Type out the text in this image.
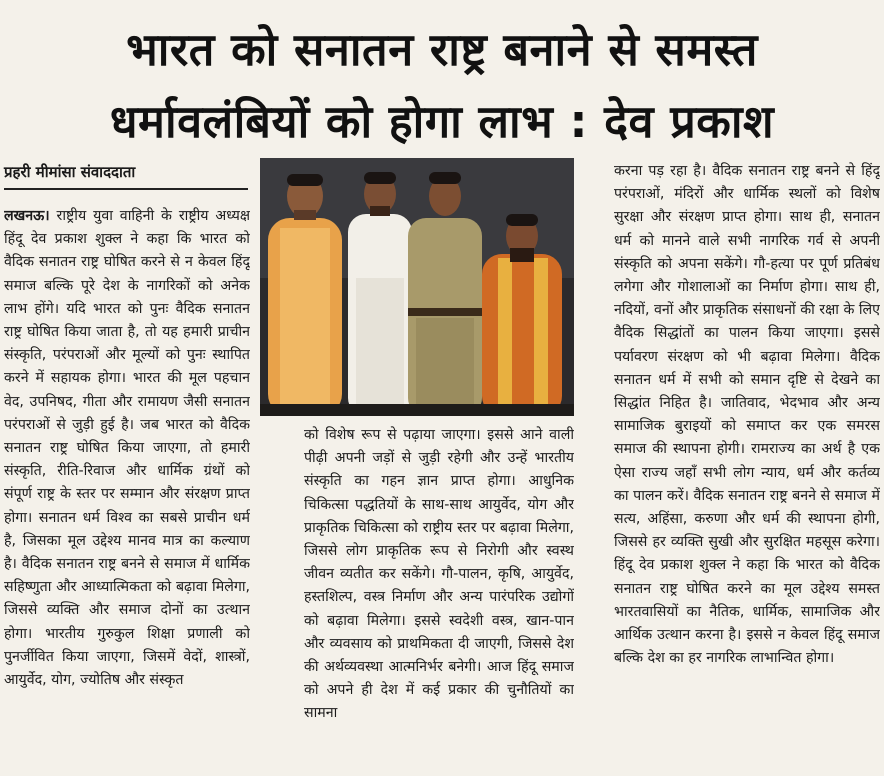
भारत को सनातन राष्ट्र बनाने से समस्त
धर्मावलंबियों को होगा लाभ : देव प्रकाश
प्रहरी मीमांसा संवाददाता

लखनऊ। राष्ट्रीय युवा वाहिनी के राष्ट्रीय अध्यक्ष हिंदू देव प्रकाश शुक्ल ने कहा कि भारत को वैदिक सनातन राष्ट्र घोषित करने से न केवल हिंदू समाज बल्कि पूरे देश के नागरिकों को अनेक लाभ होंगे। यदि भारत को पुनः वैदिक सनातन राष्ट्र घोषित किया जाता है, तो यह हमारी प्राचीन संस्कृति, परंपराओं और मूल्यों को पुनः स्थापित करने में सहायक होगा। भारत की मूल पहचान वेद, उपनिषद, गीता और रामायण जैसी सनातन परंपराओं से जुड़ी हुई है। जब भारत को वैदिक सनातन राष्ट्र घोषित किया जाएगा, तो हमारी संस्कृति, रीति-रिवाज और धार्मिक ग्रंथों को संपूर्ण राष्ट्र के स्तर पर सम्मान और संरक्षण प्राप्त होगा। सनातन धर्म विश्व का सबसे प्राचीन धर्म है, जिसका मूल उद्देश्य मानव मात्र का कल्याण है। वैदिक सनातन राष्ट्र बनने से समाज में धार्मिक सहिष्णुता और आध्यात्मिकता को बढ़ावा मिलेगा, जिससे व्यक्ति और समाज दोनों का उत्थान होगा। भारतीय गुरुकुल शिक्षा प्रणाली को पुनर्जीवित किया जाएगा, जिसमें वेदों, शास्त्रों, आयुर्वेद, योग, ज्योतिष और संस्कृत

को विशेष रूप से पढ़ाया जाएगा। इससे आने वाली पीढ़ी अपनी जड़ों से जुड़ी रहेगी और उन्हें भारतीय संस्कृति का गहन ज्ञान प्राप्त होगा। आधुनिक चिकित्सा पद्धतियों के साथ-साथ आयुर्वेद, योग और प्राकृतिक चिकित्सा को राष्ट्रीय स्तर पर बढ़ावा मिलेगा, जिससे लोग प्राकृतिक रूप से निरोगी और स्वस्थ जीवन व्यतीत कर सकेंगे। गौ-पालन, कृषि, आयुर्वेद, हस्तशिल्प, वस्त्र निर्माण और अन्य पारंपरिक उद्योगों को बढ़ावा मिलेगा। इससे स्वदेशी वस्त्र, खान-पान और व्यवसाय को प्राथमिकता दी जाएगी, जिससे देश की अर्थव्यवस्था आत्मनिर्भर बनेगी। आज हिंदू समाज को अपने ही देश में कई प्रकार की चुनौतियों का सामना

करना पड़ रहा है। वैदिक सनातन राष्ट्र बनने से हिंदू परंपराओं, मंदिरों और धार्मिक स्थलों को विशेष सुरक्षा और संरक्षण प्राप्त होगा। साथ ही, सनातन धर्म को मानने वाले सभी नागरिक गर्व से अपनी संस्कृति को अपना सकेंगे। गौ-हत्या पर पूर्ण प्रतिबंध लगेगा और गोशालाओं का निर्माण होगा। साथ ही, नदियों, वनों और प्राकृतिक संसाधनों की रक्षा के लिए वैदिक सिद्धांतों का पालन किया जाएगा। इससे पर्यावरण संरक्षण को भी बढ़ावा मिलेगा। वैदिक सनातन धर्म में सभी को समान दृष्टि से देखने का सिद्धांत निहित है। जातिवाद, भेदभाव और अन्य सामाजिक बुराइयों को समाप्त कर एक समरस समाज की स्थापना होगी। रामराज्य का अर्थ है एक ऐसा राज्य जहाँ सभी लोग न्याय, धर्म और कर्तव्य का पालन करें। वैदिक सनातन राष्ट्र बनने से समाज में सत्य, अहिंसा, करुणा और धर्म की स्थापना होगी, जिससे हर व्यक्ति सुखी और सुरक्षित महसूस करेगा। हिंदू देव प्रकाश शुक्ल ने कहा कि भारत को वैदिक सनातन राष्ट्र घोषित करने का मूल उद्देश्य समस्त भारतवासियों का नैतिक, धार्मिक, सामाजिक और आर्थिक उत्थान करना है। इससे न केवल हिंदू समाज बल्कि देश का हर नागरिक लाभान्वित होगा।
